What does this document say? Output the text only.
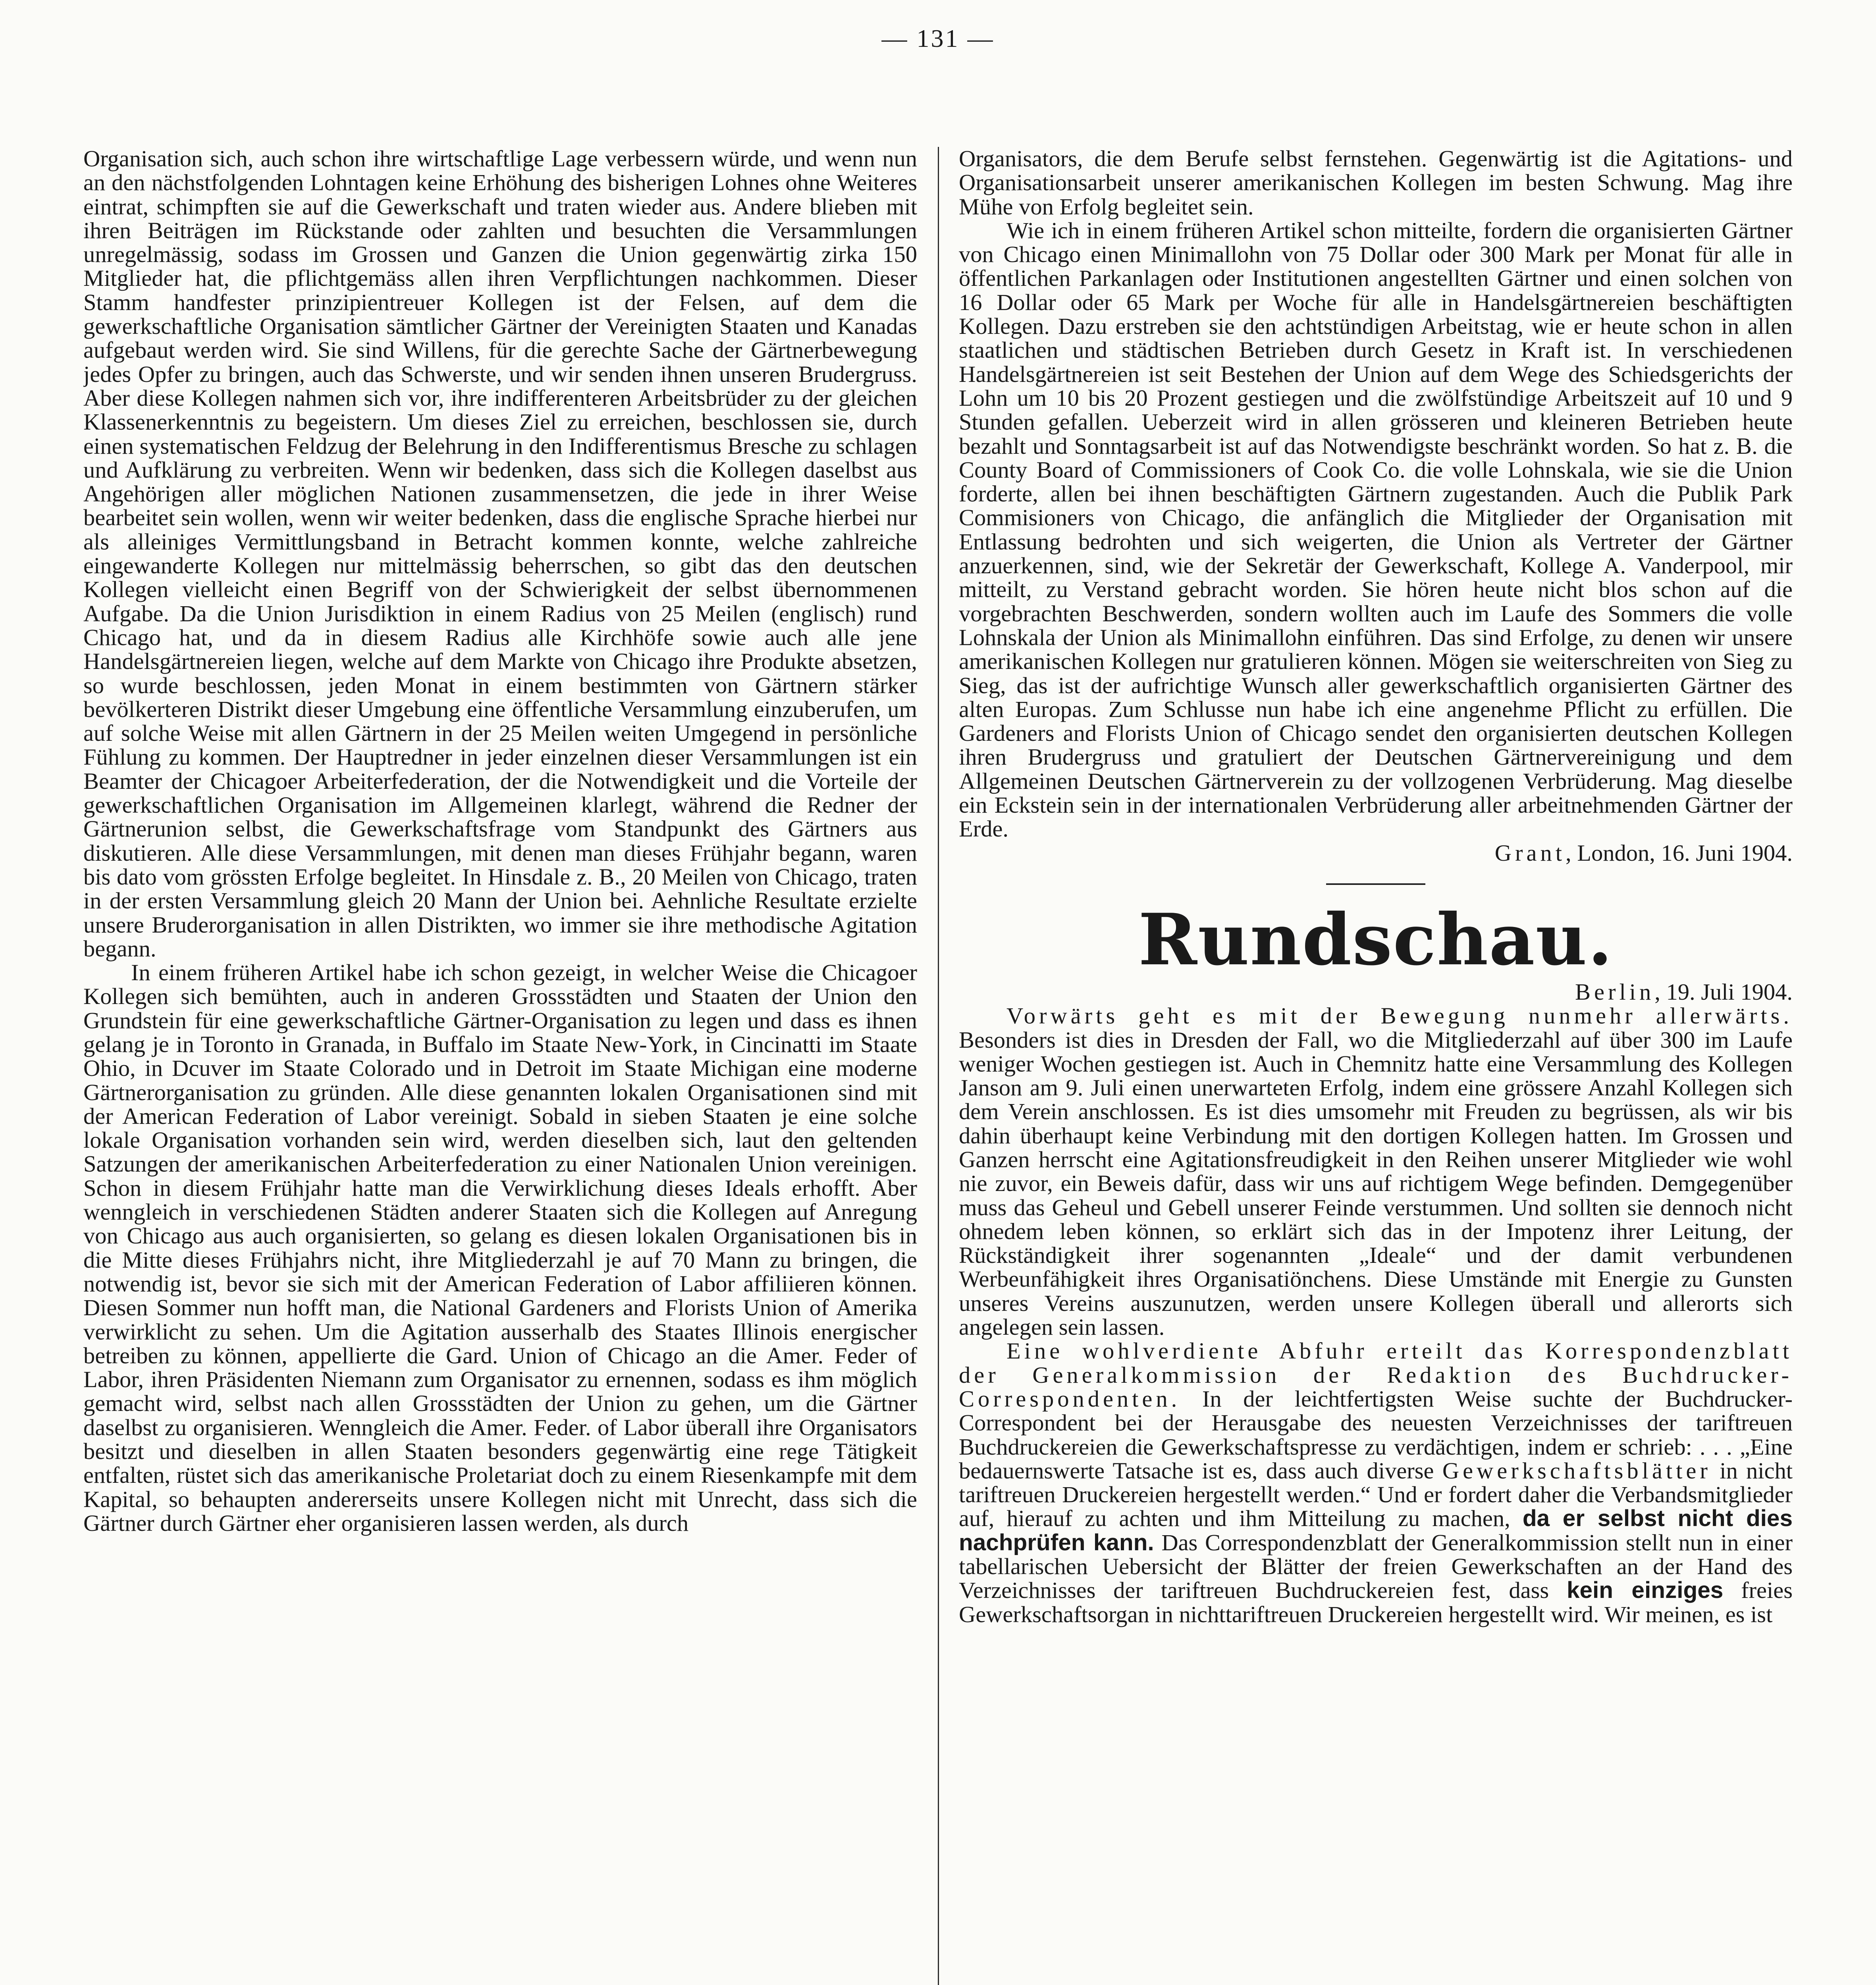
— 131 —

Organisation sich, auch schon ihre wirtschaftlige Lage verbessern würde, und wenn nun an den nächstfolgenden Lohntagen keine Erhöhung des bisherigen Lohnes ohne Weiteres eintrat, schimpften sie auf die Gewerkschaft und traten wieder aus. Andere blieben mit ihren Beiträgen im Rückstande oder zahlten und besuchten die Versammlungen unregelmässig, sodass im Grossen und Ganzen die Union gegenwärtig zirka 150 Mitglieder hat, die pflichtgemäss allen ihren Verpflichtungen nachkommen. Dieser Stamm handfester prinzipientreuer Kollegen ist der Felsen, auf dem die gewerkschaftliche Organisation sämtlicher Gärtner der Vereinigten Staaten und Kanadas aufgebaut werden wird. Sie sind Willens, für die gerechte Sache der Gärtnerbewegung jedes Opfer zu bringen, auch das Schwerste, und wir senden ihnen unseren Brudergruss. Aber diese Kollegen nahmen sich vor, ihre indifferenteren Arbeitsbrüder zu der gleichen Klassenerkenntnis zu begeistern. Um dieses Ziel zu erreichen, beschlossen sie, durch einen systematischen Feldzug der Belehrung in den Indifferentismus Bresche zu schlagen und Aufklärung zu verbreiten. Wenn wir bedenken, dass sich die Kollegen daselbst aus Angehörigen aller möglichen Nationen zusammensetzen, die jede in ihrer Weise bearbeitet sein wollen, wenn wir weiter bedenken, dass die englische Sprache hierbei nur als alleiniges Vermittlungsband in Betracht kommen konnte, welche zahlreiche eingewanderte Kollegen nur mittelmässig beherrschen, so gibt das den deutschen Kollegen vielleicht einen Begriff von der Schwierigkeit der selbst übernommenen Aufgabe. Da die Union Jurisdiktion in einem Radius von 25 Meilen (englisch) rund Chicago hat, und da in diesem Radius alle Kirchhöfe sowie auch alle jene Handelsgärtnereien liegen, welche auf dem Markte von Chicago ihre Produkte absetzen, so wurde beschlossen, jeden Monat in einem bestimmten von Gärtnern stärker bevölkerteren Distrikt dieser Umgebung eine öffentliche Versammlung einzuberufen, um auf solche Weise mit allen Gärtnern in der 25 Meilen weiten Umgegend in persönliche Fühlung zu kommen. Der Hauptredner in jeder einzelnen dieser Versammlungen ist ein Beamter der Chicagoer Arbeiterfederation, der die Notwendigkeit und die Vorteile der gewerkschaftlichen Organisation im Allgemeinen klarlegt, während die Redner der Gärtnerunion selbst, die Gewerkschaftsfrage vom Standpunkt des Gärtners aus diskutieren. Alle diese Versammlungen, mit denen man dieses Frühjahr begann, waren bis dato vom grössten Erfolge begleitet. In Hinsdale z. B., 20 Meilen von Chicago, traten in der ersten Versammlung gleich 20 Mann der Union bei. Aehnliche Resultate erzielte unsere Bruderorganisation in allen Distrikten, wo immer sie ihre methodische Agitation begann.

In einem früheren Artikel habe ich schon gezeigt, in welcher Weise die Chicagoer Kollegen sich bemühten, auch in anderen Grossstädten und Staaten der Union den Grundstein für eine gewerkschaftliche Gärtner-Organisation zu legen und dass es ihnen gelang je in Toronto in Granada, in Buffalo im Staate New-York, in Cincinatti im Staate Ohio, in Dcuver im Staate Colorado und in Detroit im Staate Michigan eine moderne Gärtnerorganisation zu gründen. Alle diese genannten lokalen Organisationen sind mit der American Federation of Labor vereinigt. Sobald in sieben Staaten je eine solche lokale Organisation vorhanden sein wird, werden dieselben sich, laut den geltenden Satzungen der amerikanischen Arbeiterfederation zu einer Nationalen Union vereinigen. Schon in diesem Frühjahr hatte man die Verwirklichung dieses Ideals erhofft. Aber wenngleich in verschiedenen Städten anderer Staaten sich die Kollegen auf Anregung von Chicago aus auch organisierten, so gelang es diesen lokalen Organisationen bis in die Mitte dieses Frühjahrs nicht, ihre Mitgliederzahl je auf 70 Mann zu bringen, die notwendig ist, bevor sie sich mit der American Federation of Labor affiliieren können. Diesen Sommer nun hofft man, die National Gardeners and Florists Union of Amerika verwirklicht zu sehen. Um die Agitation ausserhalb des Staates Illinois energischer betreiben zu können, appellierte die Gard. Union of Chicago an die Amer. Feder of Labor, ihren Präsidenten Niemann zum Organisator zu ernennen, sodass es ihm möglich gemacht wird, selbst nach allen Grossstädten der Union zu gehen, um die Gärtner daselbst zu organisieren. Wenngleich die Amer. Feder. of Labor überall ihre Organisators besitzt und dieselben in allen Staaten besonders gegenwärtig eine rege Tätigkeit entfalten, rüstet sich das amerikanische Proletariat doch zu einem Riesenkampfe mit dem Kapital, so behaupten andererseits unsere Kollegen nicht mit Unrecht, dass sich die Gärtner durch Gärtner eher organisieren lassen werden, als durch

Organisators, die dem Berufe selbst fernstehen. Gegenwärtig ist die Agitations- und Organisationsarbeit unserer amerikanischen Kollegen im besten Schwung. Mag ihre Mühe von Erfolg begleitet sein.

Wie ich in einem früheren Artikel schon mitteilte, fordern die organisierten Gärtner von Chicago einen Minimallohn von 75 Dollar oder 300 Mark per Monat für alle in öffentlichen Parkanlagen oder Institutionen angestellten Gärtner und einen solchen von 16 Dollar oder 65 Mark per Woche für alle in Handelsgärtnereien beschäftigten Kollegen. Dazu erstreben sie den achtstündigen Arbeitstag, wie er heute schon in allen staatlichen und städtischen Betrieben durch Gesetz in Kraft ist. In verschiedenen Handelsgärtnereien ist seit Bestehen der Union auf dem Wege des Schiedsgerichts der Lohn um 10 bis 20 Prozent gestiegen und die zwölfstündige Arbeitszeit auf 10 und 9 Stunden gefallen. Ueberzeit wird in allen grösseren und kleineren Betrieben heute bezahlt und Sonntagsarbeit ist auf das Notwendigste beschränkt worden. So hat z. B. die County Board of Commissioners of Cook Co. die volle Lohnskala, wie sie die Union forderte, allen bei ihnen beschäftigten Gärtnern zugestanden. Auch die Publik Park Commisioners von Chicago, die anfänglich die Mitglieder der Organisation mit Entlassung bedrohten und sich weigerten, die Union als Vertreter der Gärtner anzuerkennen, sind, wie der Sekretär der Gewerkschaft, Kollege A. Vanderpool, mir mitteilt, zu Verstand gebracht worden. Sie hören heute nicht blos schon auf die vorgebrachten Beschwerden, sondern wollten auch im Laufe des Sommers die volle Lohnskala der Union als Minimallohn einführen. Das sind Erfolge, zu denen wir unsere amerikanischen Kollegen nur gratulieren können. Mögen sie weiterschreiten von Sieg zu Sieg, das ist der aufrichtige Wunsch aller gewerkschaftlich organisierten Gärtner des alten Europas. Zum Schlusse nun habe ich eine angenehme Pflicht zu erfüllen. Die Gardeners and Florists Union of Chicago sendet den organisierten deutschen Kollegen ihren Brudergruss und gratuliert der Deutschen Gärtnervereinigung und dem Allgemeinen Deutschen Gärtnerverein zu der vollzogenen Verbrüderung. Mag dieselbe ein Eckstein sein in der internationalen Verbrüderung aller arbeitnehmenden Gärtner der Erde.

Grant, London, 16. Juni 1904.

Rundschau.

Berlin, 19. Juli 1904.

Vorwärts geht es mit der Bewegung nunmehr allerwärts. Besonders ist dies in Dresden der Fall, wo die Mitgliederzahl auf über 300 im Laufe weniger Wochen gestiegen ist. Auch in Chemnitz hatte eine Versammlung des Kollegen Janson am 9. Juli einen unerwarteten Erfolg, indem eine grössere Anzahl Kollegen sich dem Verein anschlossen. Es ist dies umsomehr mit Freuden zu begrüssen, als wir bis dahin überhaupt keine Verbindung mit den dortigen Kollegen hatten. Im Grossen und Ganzen herrscht eine Agitationsfreudigkeit in den Reihen unserer Mitglieder wie wohl nie zuvor, ein Beweis dafür, dass wir uns auf richtigem Wege befinden. Demgegenüber muss das Geheul und Gebell unserer Feinde verstummen. Und sollten sie dennoch nicht ohnedem leben können, so erklärt sich das in der Impotenz ihrer Leitung, der Rückständigkeit ihrer sogenannten „Ideale“ und der damit verbundenen Werbeunfähigkeit ihres Organisatiönchens. Diese Umstände mit Energie zu Gunsten unseres Vereins auszunutzen, werden unsere Kollegen überall und allerorts sich angelegen sein lassen.

Eine wohlverdiente Abfuhr erteilt das Korrespondenzblatt der Generalkommission der Redaktion des Buchdrucker-Correspondenten. In der leichtfertigsten Weise suchte der Buchdrucker-Correspondent bei der Herausgabe des neuesten Verzeichnisses der tariftreuen Buchdruckereien die Gewerkschaftspresse zu verdächtigen, indem er schrieb: . . . „Eine bedauernswerte Tatsache ist es, dass auch diverse Gewerkschaftsblätter in nicht tariftreuen Druckereien hergestellt werden.“ Und er fordert daher die Verbandsmitglieder auf, hierauf zu achten und ihm Mitteilung zu machen, da er selbst nicht dies nachprüfen kann. Das Correspondenzblatt der Generalkommission stellt nun in einer tabellarischen Uebersicht der Blätter der freien Gewerkschaften an der Hand des Verzeichnisses der tariftreuen Buchdruckereien fest, dass kein einziges freies Gewerkschaftsorgan in nichttariftreuen Druckereien hergestellt wird. Wir meinen, es ist
